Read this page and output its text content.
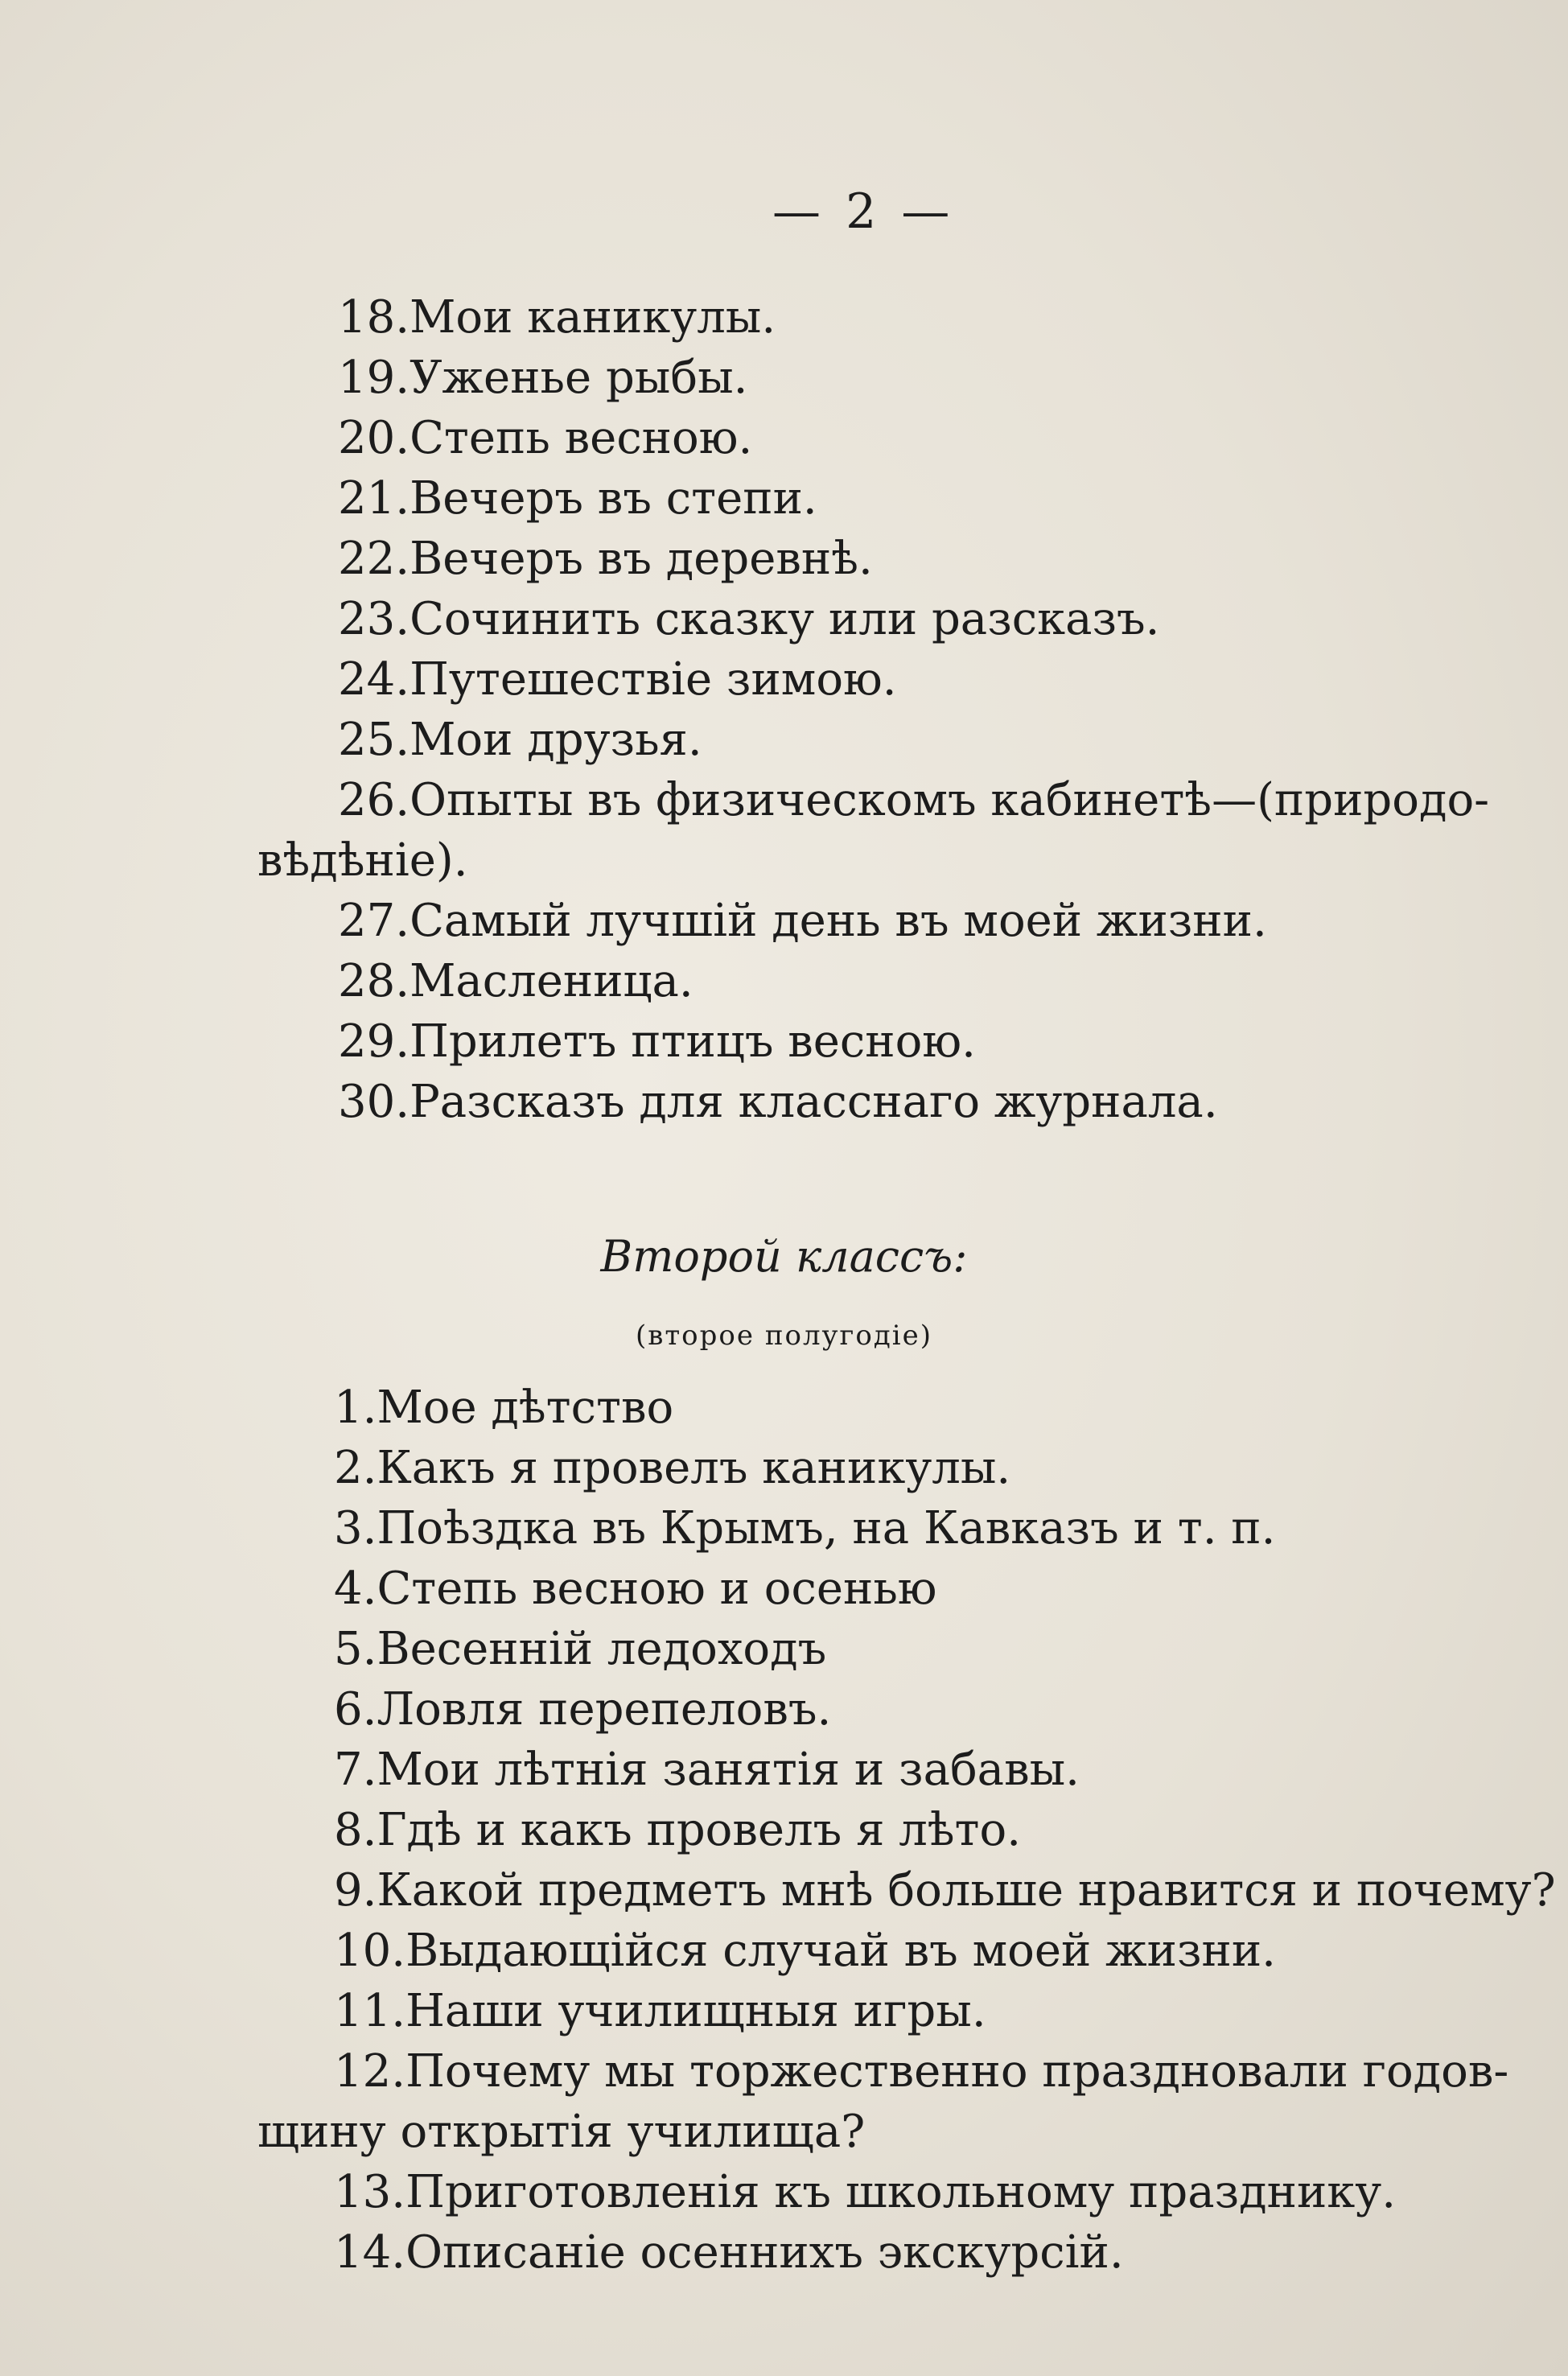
— 2 —
18.Мои каникулы.
19.Уженье рыбы.
20.Степь весною.
21.Вечеръ въ степи.
22.Вечеръ въ деревнѣ.
23.Сочинить сказку или разсказъ.
24.Путешествіе зимою.
25.Мои друзья.
26.Опыты въ физическомъ кабинетѣ—(природо-
вѣдѣніе).
27.Самый лучшій день въ моей жизни.
28.Масленица.
29.Прилетъ птицъ весною.
30.Разсказъ для класснаго журнала.
Второй классъ:
(второе полугодіе)
1.Мое дѣтство
2.Какъ я провелъ каникулы.
3.Поѣздка въ Крымъ, на Кавказъ и т. п.
4.Степь весною и осенью
5.Весенній ледоходъ
6.Ловля перепеловъ.
7.Мои лѣтнія занятія и забавы.
8.Гдѣ и какъ провелъ я лѣто.
9.Какой предметъ мнѣ больше нравится и почему?
10.Выдающійся случай въ моей жизни.
11.Наши училищныя игры.
12.Почему мы торжественно праздновали годов-
щину открытія училища?
13.Приготовленія къ школьному празднику.
14.Описаніе осеннихъ экскурсій.
